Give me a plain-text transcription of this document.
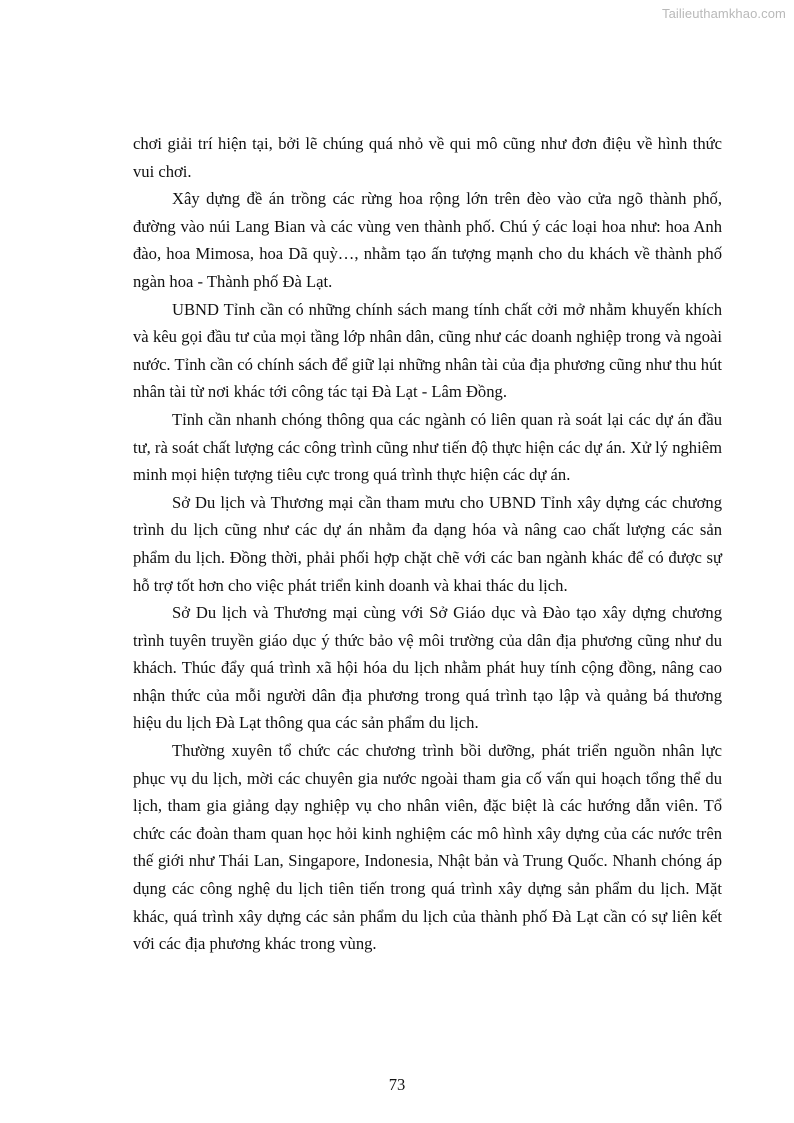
Tailieuthamkhao.com

chơi giải trí hiện tại, bởi lẽ chúng quá nhỏ về qui mô cũng như đơn điệu về hình thức vui chơi.

Xây dựng đề án trồng các rừng hoa rộng lớn trên đèo vào cửa ngõ thành phố, đường vào núi Lang Bian và các vùng ven thành phố. Chú ý các loại hoa như: hoa Anh đào, hoa Mimosa, hoa Dã quỳ…, nhằm tạo ấn tượng mạnh cho du khách về thành phố ngàn hoa - Thành phố Đà Lạt.

UBND Tỉnh cần có những chính sách mang tính chất cởi mở nhằm khuyến khích và kêu gọi đầu tư của mọi tầng lớp nhân dân, cũng như các doanh nghiệp trong và ngoài nước. Tỉnh cần có chính sách để giữ lại những nhân tài của địa phương cũng như thu hút nhân tài từ nơi khác tới công tác tại Đà Lạt - Lâm Đồng.

Tỉnh cần nhanh chóng thông qua các ngành có liên quan rà soát lại các dự án đầu tư, rà soát chất lượng các công trình cũng như tiến độ thực hiện các dự án. Xử lý nghiêm minh mọi hiện tượng tiêu cực trong quá trình thực hiện các dự án.

Sở Du lịch và Thương mại cần tham mưu cho UBND Tỉnh xây dựng các chương trình du lịch cũng như các dự án nhằm đa dạng hóa và nâng cao chất lượng các sản phẩm du lịch. Đồng thời, phải phối hợp chặt chẽ với các ban ngành khác để có được sự hỗ trợ tốt hơn cho việc phát triển kinh doanh và khai thác du lịch.

Sở Du lịch và Thương mại cùng với Sở Giáo dục và Đào tạo xây dựng chương trình tuyên truyền giáo dục ý thức bảo vệ môi trường của dân địa phương cũng như du khách. Thúc đẩy quá trình xã hội hóa du lịch nhằm phát huy tính cộng đồng, nâng cao nhận thức của mỗi người dân địa phương trong quá trình tạo lập và quảng bá thương hiệu du lịch Đà Lạt thông qua các sản phẩm du lịch.

Thường xuyên tổ chức các chương trình bồi dưỡng, phát triển nguồn nhân lực phục vụ du lịch, mời các chuyên gia nước ngoài tham gia cố vấn qui hoạch tổng thể du lịch, tham gia giảng dạy nghiệp vụ cho nhân viên, đặc biệt là các hướng dẫn viên. Tổ chức các đoàn tham quan học hỏi kinh nghiệm các mô hình xây dựng của các nước trên thế giới như Thái Lan, Singapore, Indonesia, Nhật bản và Trung Quốc. Nhanh chóng áp dụng các công nghệ du lịch tiên tiến trong quá trình xây dựng sản phẩm du lịch. Mặt khác, quá trình xây dựng các sản phẩm du lịch của thành phố Đà Lạt cần có sự liên kết với các địa phương khác trong vùng.

73
